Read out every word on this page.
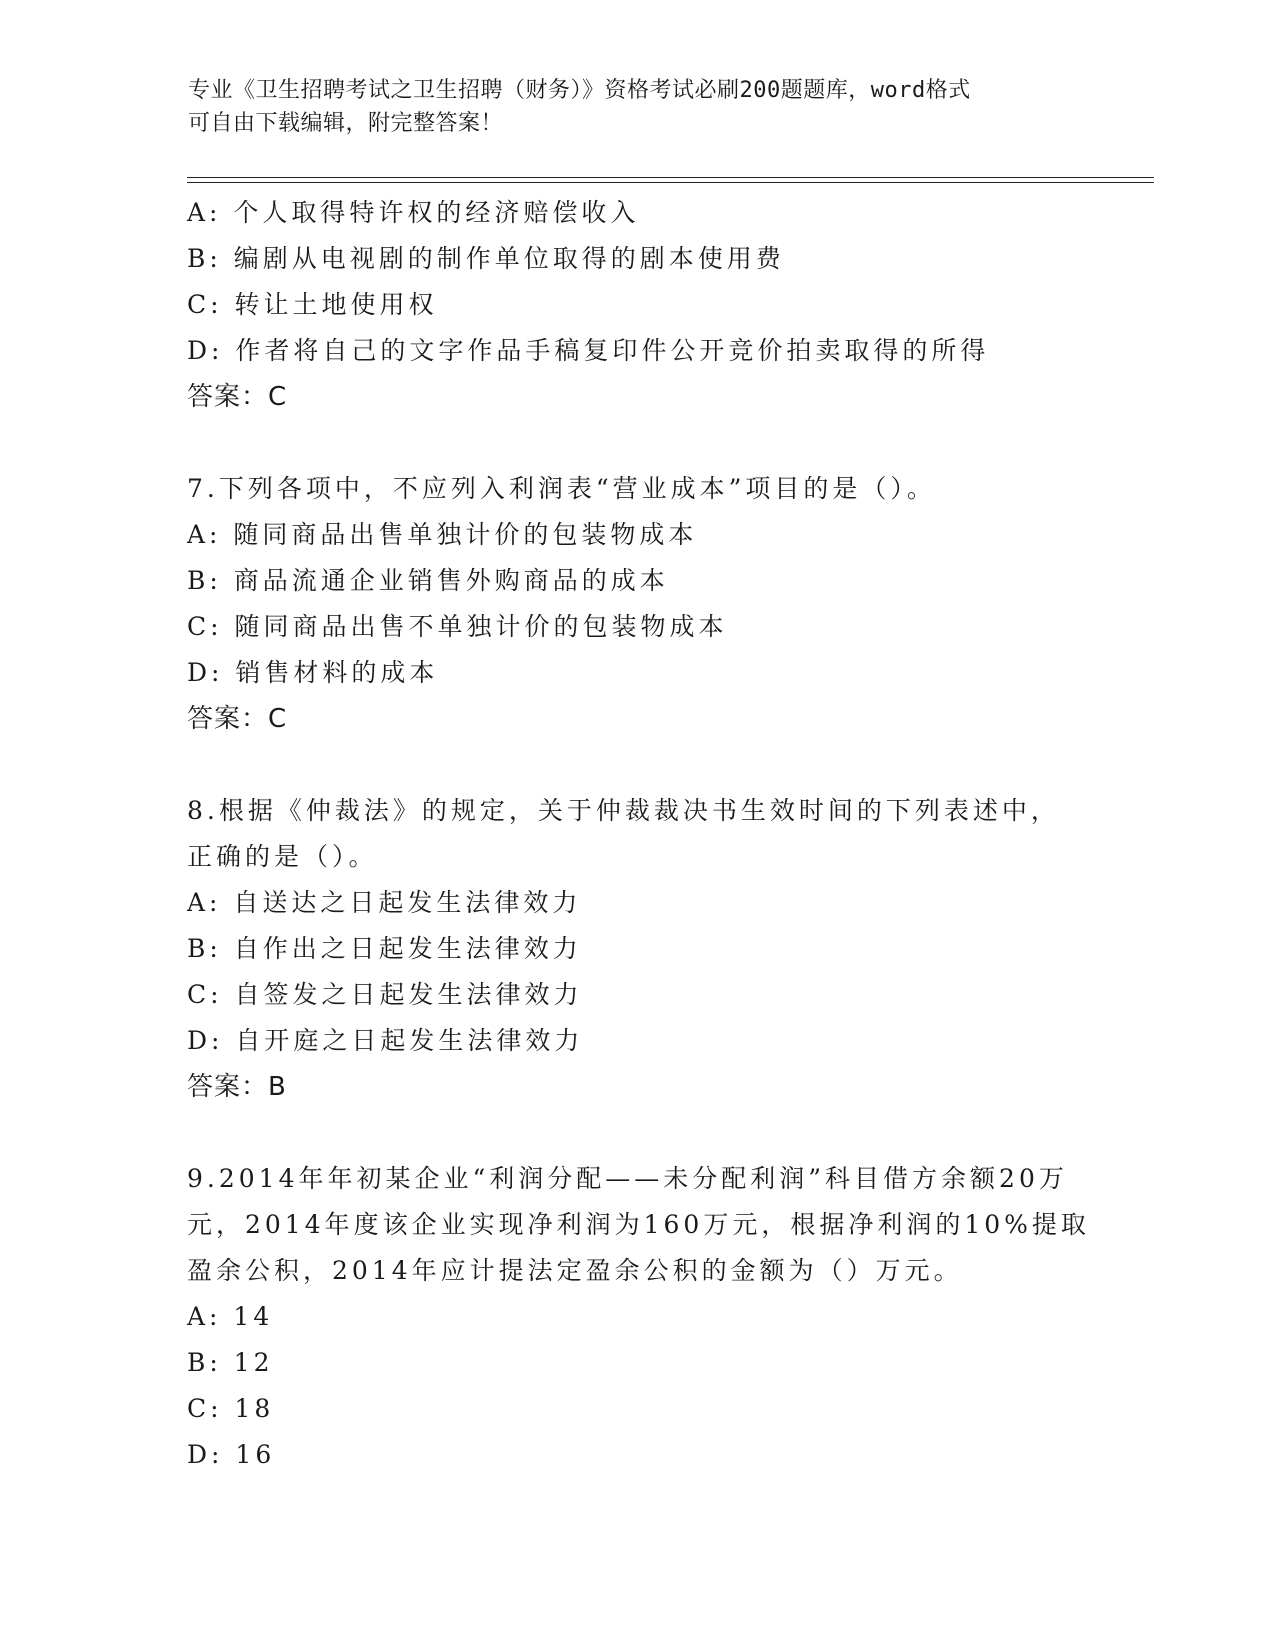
专业《卫生招聘考试之卫生招聘（财务）》资格考试必刷200题题库，word格式
可自由下载编辑，附完整答案！
A: 个人取得特许权的经济赔偿收入
B: 编剧从电视剧的制作单位取得的剧本使用费
C: 转让土地使用权
D: 作者将自己的文字作品手稿复印件公开竞价拍卖取得的所得
答案：C
7.下列各项中，不应列入利润表“营业成本”项目的是（）。
A: 随同商品出售单独计价的包装物成本
B: 商品流通企业销售外购商品的成本
C: 随同商品出售不单独计价的包装物成本
D: 销售材料的成本
答案：C
8.根据《仲裁法》的规定，关于仲裁裁决书生效时间的下列表述中，
正确的是（）。
A: 自送达之日起发生法律效力
B: 自作出之日起发生法律效力
C: 自签发之日起发生法律效力
D: 自开庭之日起发生法律效力
答案：B
9.2014年年初某企业“利润分配——未分配利润”科目借方余额20万
元，2014年度该企业实现净利润为160万元，根据净利润的10%提取
盈余公积，2014年应计提法定盈余公积的金额为（）万元。
A: 14
B: 12
C: 18
D: 16
